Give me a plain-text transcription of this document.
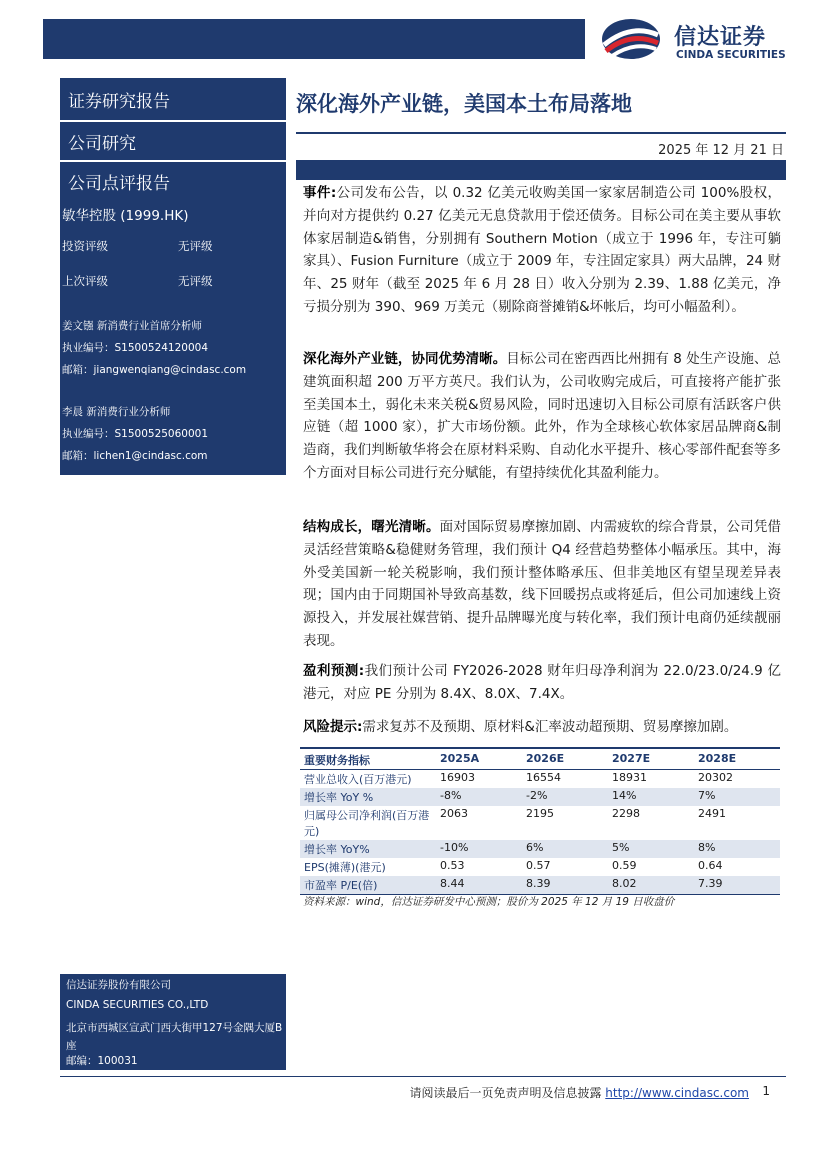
信达证券
CINDA SECURITIES
证券研究报告
公司研究
公司点评报告
敏华控股 (1999.HK)
投资评级	无评级
上次评级	无评级
姜文镪 新消费行业首席分析师
执业编号：S1500524120004
邮箱：jiangwenqiang@cindasc.com
李晨 新消费行业分析师
执业编号：S1500525060001
邮箱：lichen1@cindasc.com
信达证券股份有限公司
CINDA SECURITIES CO.,LTD
北京市西城区宣武门西大街甲127号金隅大厦B座
邮编：100031
深化海外产业链，美国本土布局落地
2025 年 12 月 21 日
事件:公司发布公告，以 0.32 亿美元收购美国一家家居制造公司 100%股权，并向对方提供约 0.27 亿美元无息贷款用于偿还债务。目标公司在美主要从事软体家居制造&销售，分别拥有 Southern Motion（成立于 1996 年，专注可躺家具）、Fusion Furniture（成立于 2009 年，专注固定家具）两大品牌，24 财年、25 财年（截至 2025 年 6 月 28 日）收入分别为 2.39、1.88 亿美元，净亏损分别为 390、969 万美元（剔除商誉摊销&坏帐后，均可小幅盈利）。
深化海外产业链，协同优势清晰。目标公司在密西西比州拥有 8 处生产设施、总建筑面积超 200 万平方英尺。我们认为，公司收购完成后，可直接将产能扩张至美国本土，弱化未来关税&贸易风险，同时迅速切入目标公司原有活跃客户供应链（超 1000 家），扩大市场份额。此外，作为全球核心软体家居品牌商&制造商，我们判断敏华将会在原材料采购、自动化水平提升、核心零部件配套等多个方面对目标公司进行充分赋能，有望持续优化其盈利能力。
结构成长，曙光清晰。面对国际贸易摩擦加剧、内需疲软的综合背景，公司凭借灵活经营策略&稳健财务管理，我们预计 Q4 经营趋势整体小幅承压。其中，海外受美国新一轮关税影响，我们预计整体略承压、但非美地区有望呈现差异表现；国内由于同期国补导致高基数，线下回暖拐点或将延后，但公司加速线上资源投入，并发展社媒营销、提升品牌曝光度与转化率，我们预计电商仍延续靓丽表现。
盈利预测:我们预计公司 FY2026-2028 财年归母净利润为 22.0/23.0/24.9 亿港元，对应 PE 分别为 8.4X、8.0X、7.4X。
风险提示:需求复苏不及预期、原材料&汇率波动超预期、贸易摩擦加剧。
重要财务指标	2025A	2026E	2027E	2028E
营业总收入(百万港元)	16903	16554	18931	20302
增长率 YoY %	-8%	-2%	14%	7%
归属母公司净利润(百万港元)	2063	2195	2298	2491
增长率 YoY%	-10%	6%	5%	8%
EPS(摊薄)(港元)	0.53	0.57	0.59	0.64
市盈率 P/E(倍)	8.44	8.39	8.02	7.39
资料来源：wind，信达证券研发中心预测；股价为 2025 年 12 月 19 日收盘价
请阅读最后一页免责声明及信息披露 http://www.cindasc.com 1
